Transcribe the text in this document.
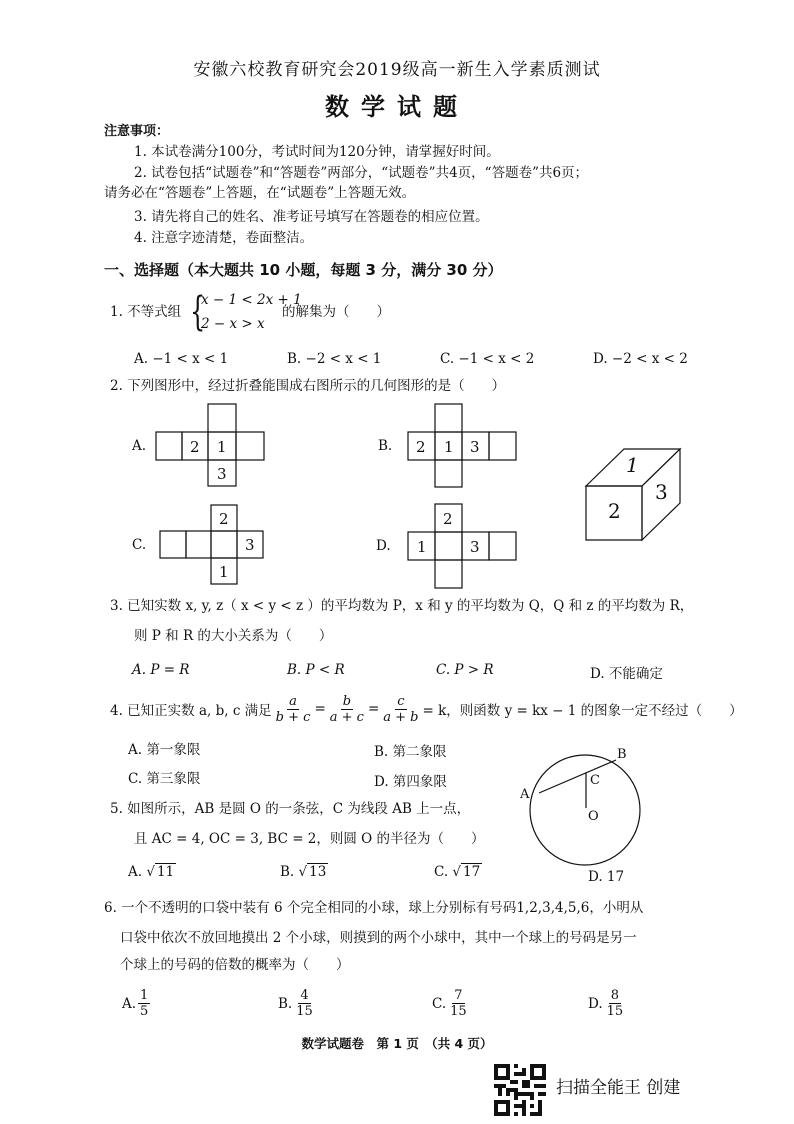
安徽六校教育研究会2019级高一新生入学素质测试
数学试题
注意事项：
1. 本试卷满分100分，考试时间为120分钟，请掌握好时间。
2. 试卷包括“试题卷”和“答题卷”两部分，“试题卷”共4页，“答题卷”共6页；
请务必在“答题卷”上答题，在“试题卷”上答题无效。
3. 请先将自己的姓名、准考证号填写在答题卷的相应位置。
4. 注意字迹清楚，卷面整洁。
一、选择题（本大题共 10 小题，每题 3 分，满分 30 分）
1. 不等式组 {
x − 1 < 2x + 1
2 − x > x
的解集为（　　）
A. −1 < x < 1	B. −2 < x < 1	C. −1 < x < 2	D. −2 < x < 2
2. 下列图形中，经过折叠能围成右图所示的几何图形的是（　　）
2 1
3
2 1 3
2
3
1
2
1	3
1
2
3
A
B
C
O
A.	B.
C.	D.
3. 已知实数 x, y, z（ x < y < z ）的平均数为 P，x 和 y 的平均数为 Q，Q 和 z 的平均数为 R，
则 P 和 R 的大小关系为（　　）
A. P = R	B. P < R	C. P > R	D. 不能确定
4. 已知正实数 a, b, c 满足 $\frac{a}{b + c} = \frac{b}{a + c} = \frac{c}{a + b} = k$，则函数 y = kx − 1 的图象一定不经过（　　）
A. 第一象限	B. 第二象限
C. 第三象限	D. 第四象限
5. 如图所示，AB 是圆 O 的一条弦，C 为线段 AB 上一点，
且 AC = 4, OC = 3, BC = 2，则圆 O 的半径为（　　）
A. √ 11	B. √ 13	C. √ 17	D. 17
6. 一个不透明的口袋中装有 6 个完全相同的小球，球上分别标有号码1,2,3,4,5,6，小明从
口袋中依次不放回地摸出 2 个小球，则摸到的两个小球中，其中一个球上的号码是另一
个球上的号码的倍数的概率为（　　）
A. $\frac{1}{5}$	B. $\frac{4}{15}$	C. $\frac{7}{15}$	D. $\frac{8}{15}$
数学试题卷　第 1 页　（共 4 页）
扫描全能王 创建
